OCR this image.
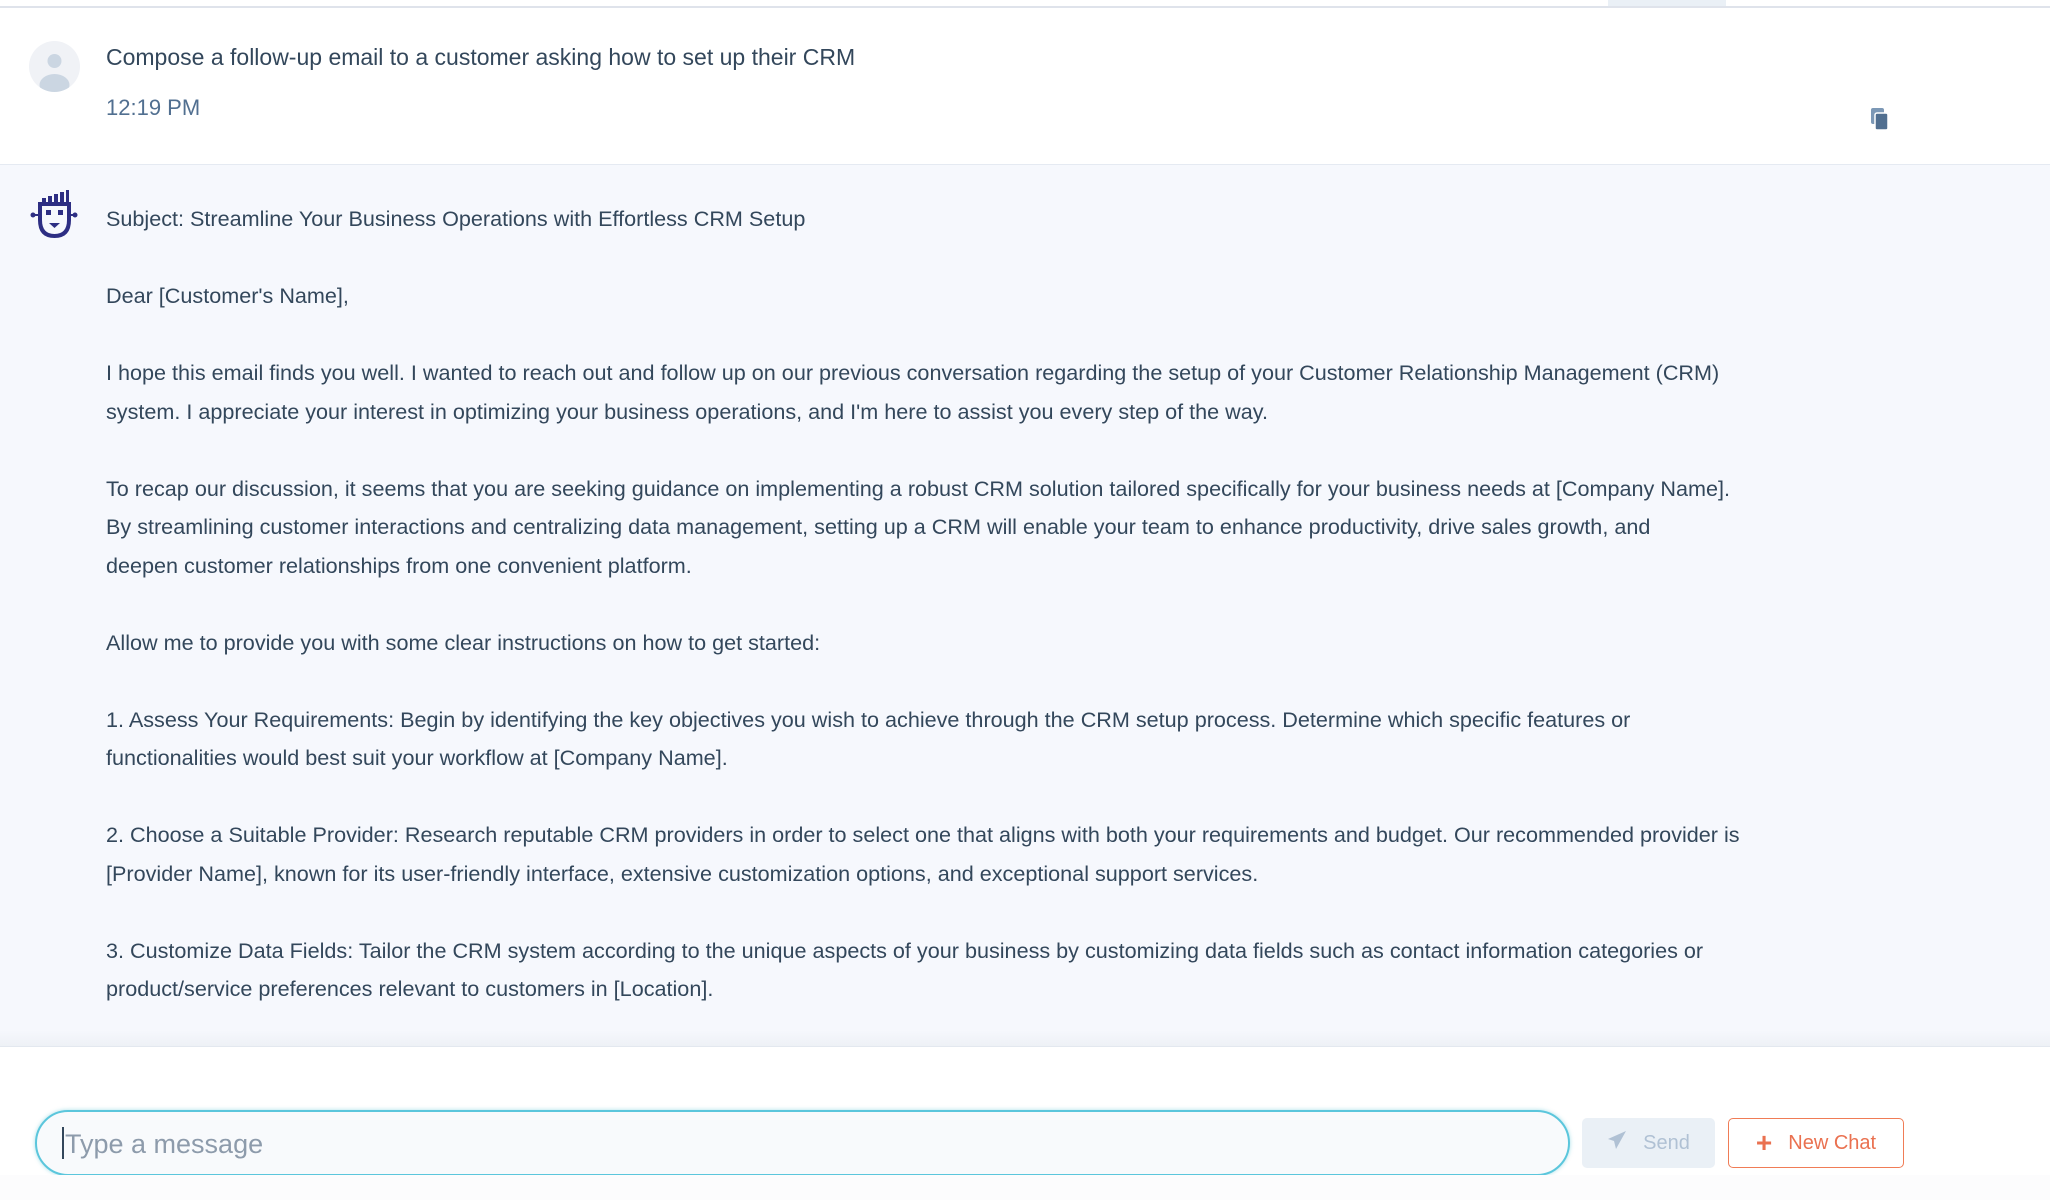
Compose a follow-up email to a customer asking how to set up their CRM
12:19 PM
Subject: Streamline Your Business Operations with Effortless CRM Setup
Dear [Customer's Name],
I hope this email finds you well. I wanted to reach out and follow up on our previous conversation regarding the setup of your Customer Relationship Management (CRM)
system. I appreciate your interest in optimizing your business operations, and I'm here to assist you every step of the way.
To recap our discussion, it seems that you are seeking guidance on implementing a robust CRM solution tailored specifically for your business needs at [Company Name].
By streamlining customer interactions and centralizing data management, setting up a CRM will enable your team to enhance productivity, drive sales growth, and
deepen customer relationships from one convenient platform.
Allow me to provide you with some clear instructions on how to get started:
1. Assess Your Requirements: Begin by identifying the key objectives you wish to achieve through the CRM setup process. Determine which specific features or
functionalities would best suit your workflow at [Company Name].
2. Choose a Suitable Provider: Research reputable CRM providers in order to select one that aligns with both your requirements and budget. Our recommended provider is
[Provider Name], known for its user-friendly interface, extensive customization options, and exceptional support services.
3. Customize Data Fields: Tailor the CRM system according to the unique aspects of your business by customizing data fields such as contact information categories or
product/service preferences relevant to customers in [Location].
Type a message
Send + New Chat
